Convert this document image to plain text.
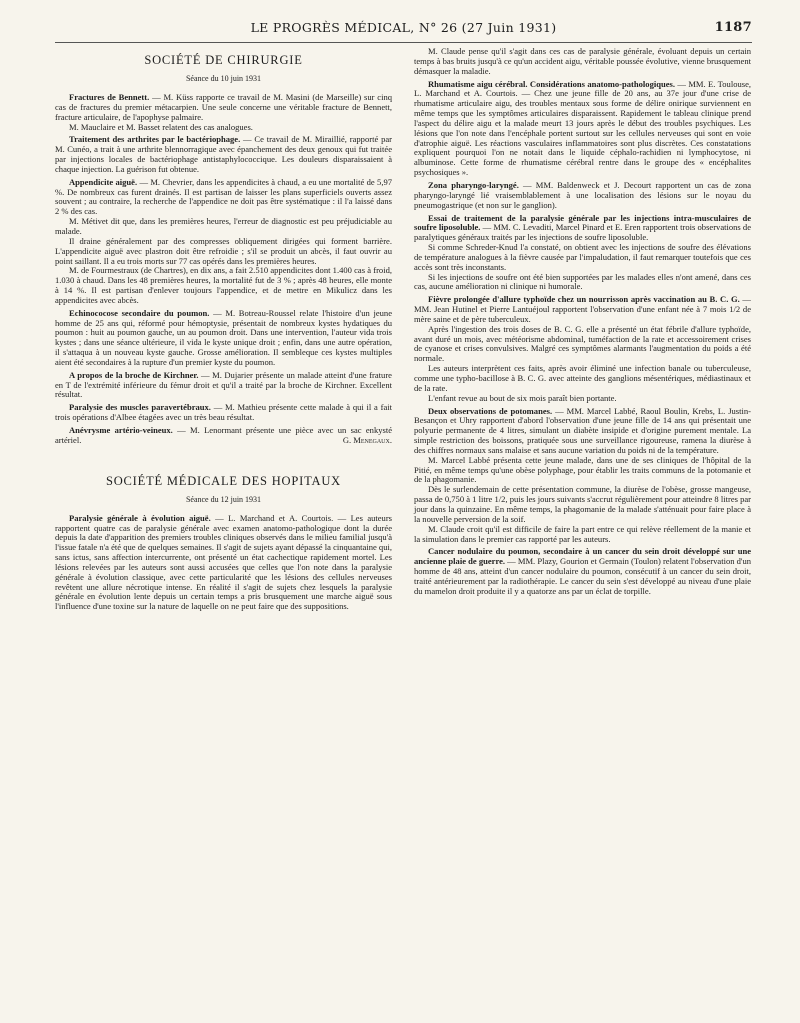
LE PROGRÈS MÉDICAL, N° 26 (27 Juin 1931)	1187
SOCIÉTÉ DE CHIRURGIE
Séance du 10 juin 1931

Fractures de Bennett. — M. Küss rapporte ce travail de M. Masini (de Marseille) sur cinq cas de fractures du premier métacarpien. Une seule concerne une véritable fracture de Bennett, fracture articulaire, de l'apophyse palmaire.

M. Mauclaire et M. Basset relatent des cas analogues.

Traitement des arthrites par le bactériophage. — Ce travail de M. Miraillié, rapporté par M. Cunéo, a trait à une arthrite blennorragique avec épanchement des deux genoux qui fut traitée par injections locales de bactériophage antistaphylococcique. Les douleurs disparaissaient à chaque injection. La guérison fut obtenue.

Appendicite aiguë. — M. Chevrier, dans les appendicites à chaud, a eu une mortalité de 5,97 %. De nombreux cas furent drainés. Il est partisan de laisser les plans superficiels ouverts assez souvent ; au contraire, la recherche de l'appendice ne doit pas être systématique : il l'a laissé dans 2 % des cas.

M. Métivet dit que, dans les premières heures, l'erreur de diagnostic est peu préjudiciable au malade.

Il draine généralement par des compresses obliquement dirigées qui forment barrière. L'appendicite aiguë avec plastron doit être refroidie ; s'il se produit un abcès, il faut ouvrir au point saillant. Il a eu trois morts sur 77 cas opérés dans les premières heures.

M. de Fourmestraux (de Chartres), en dix ans, a fait 2.510 appendicites dont 1.400 cas à froid, 1.030 à chaud. Dans les 48 premières heures, la mortalité fut de 3 % ; après 48 heures, elle monte à 14 %. Il est partisan d'enlever toujours l'appendice, et de mettre en Mikulicz dans les appendicites avec abcès.

Echinococose secondaire du poumon. — M. Botreau-Roussel relate l'histoire d'un jeune homme de 25 ans qui, réformé pour hémoptysie, présentait de nombreux kystes hydatiques du poumon : huit au poumon gauche, un au poumon droit. Dans une intervention, l'auteur vida trois kystes ; dans une séance ultérieure, il vida le kyste unique droit ; enfin, dans une autre opération, il s'attaqua à un nouveau kyste gauche. Grosse amélioration. Il sembleque ces kystes multiples aient été secondaires à la rupture d'un premier kyste du poumon.

A propos de la broche de Kirchner. — M. Dujarier présente un malade atteint d'une frature en T de l'extrémité inférieure du fémur droit et qu'il a traité par la broche de Kirchner. Excellent résultat.

Paralysie des muscles paravertébraux. — M. Mathieu présente cette malade à qui il a fait trois opérations d'Albee étagées avec un très beau résultat.

Anévrysme artério-veineux. — M. Lenormant présente une pièce avec un sac enkysté artériel.	G. Menegaux.

SOCIÉTÉ MÉDICALE DES HOPITAUX
Séance du 12 juin 1931

Paralysie générale à évolution aiguë. — L. Marchand et A. Courtois. — Les auteurs rapportent quatre cas de paralysie générale avec examen anatomo-pathologique dont la durée depuis la date d'apparition des premiers troubles cliniques observés dans le milieu familial jusqu'à l'issue fatale n'a été que de quelques semaines. Il s'agit de sujets ayant dépassé la cinquantaine qui, sans ictus, sans affection intercurrente, ont présenté un état cachectique rapidement mortel. Les lésions relevées par les auteurs sont aussi accusées que celles que l'on note dans la paralysie générale à évolution classique, avec cette particularité que les lésions des cellules nerveuses revêtent une allure nécrotique intense. En réalité il s'agit de sujets chez lesquels la paralysie générale en évolution lente depuis un certain temps a pris brusquement une marche aiguë sous l'influence d'une toxine sur la nature de laquelle on ne peut faire que des suppositions.

M. Claude pense qu'il s'agit dans ces cas de paralysie générale, évoluant depuis un certain temps à bas bruits jusqu'à ce qu'un accident aigu, véritable poussée évolutive, vienne brusquement démasquer la maladie.

Rhumatisme aigu cérébral. Considérations anatomo-pathologiques. — MM. E. Toulouse, L. Marchand et A. Courtois. — Chez une jeune fille de 20 ans, au 37e jour d'une crise de rhumatisme articulaire aigu, des troubles mentaux sous forme de délire onirique surviennent en même temps que les symptômes articulaires disparaissent. Rapidement le tableau clinique prend l'aspect du délire aigu et la malade meurt 13 jours après le début des troubles psychiques. Les lésions que l'on note dans l'encéphale portent surtout sur les cellules nerveuses qui sont en voie d'atrophie aiguë. Les réactions vasculaires inflammatoires sont plus discrètes. Ces constatations expliquent pourquoi l'on ne notait dans le liquide céphalo-rachidien ni lymphocytose, ni albuminose. Cette forme de rhumatisme cérébral rentre dans le groupe des « encéphalites psychosiques ».

Zona pharyngo-laryngé. — MM. Baldenweck et J. Decourt rapportent un cas de zona pharyngo-laryngé lié vraisemblablement à une localisation des lésions sur le noyau du pneumogastrique (et non sur le ganglion).

Essai de traitement de la paralysie générale par les injections intra-musculaires de soufre liposoluble. — MM. C. Levaditi, Marcel Pinard et E. Eren rapportent trois observations de paralytiques généraux traités par les injections de soufre liposoluble.

Si comme Schreder-Knud l'a constaté, on obtient avec les injections de soufre des élévations de température analogues à la fièvre causée par l'impaludation, il faut remarquer toutefois que ces accès sont très inconstants.

Si les injections de soufre ont été bien supportées par les malades elles n'ont amené, dans ces cas, aucune amélioration ni clinique ni humorale.

Fièvre prolongée d'allure typhoïde chez un nourrisson après vaccination au B. C. G. — MM. Jean Hutinel et Pierre Lantuéjoul rapportent l'observation d'une enfant née à 7 mois 1/2 de mère saine et de père tuberculeux.

Après l'ingestion des trois doses de B. C. G. elle a présenté un état fébrile d'allure typhoïde, avant duré un mois, avec météorisme abdominal, tuméfaction de la rate et accessoirement crises de cyanose et crises convulsives. Malgré ces symptômes alarmants l'augmentation du poids a été normale.

Les auteurs interprètent ces faits, après avoir éliminé une infection banale ou tuberculeuse, comme une typho-bacillose à B. C. G. avec atteinte des ganglions mésentériques, médiastinaux et de la rate.

L'enfant revue au bout de six mois paraît bien portante.

Deux observations de potomanes. — MM. Marcel Labbé, Raoul Boulin, Krebs, L. Justin-Besançon et Uhry rapportent d'abord l'observation d'une jeune fille de 14 ans qui présentait une polyurie permanente de 4 litres, simulant un diabète insipide et d'origine purement mentale. La simple restriction des boissons, pratiquée sous une surveillance rigoureuse, ramena la diurèse à des chiffres normaux sans malaise et sans aucune variation du poids ni de la température.

M. Marcel Labbé présenta cette jeune malade, dans une de ses cliniques de l'hôpital de la Pitié, en même temps qu'une obèse polyphage, pour établir les traits communs de la potomanie et de la phagomanie.

Dès le surlendemain de cette présentation commune, la diurèse de l'obèse, grosse mangeuse, passa de 0,750 à 1 litre 1/2, puis les jours suivants s'accrut régulièrement pour atteindre 8 litres par jour dans la quinzaine. En même temps, la phagomanie de la malade s'atténuait pour faire place à la nouvelle perversion de la soif.

M. Claude croit qu'il est difficile de faire la part entre ce qui relève réellement de la manie et la simulation dans le premier cas rapporté par les auteurs.

Cancer nodulaire du poumon, secondaire à un cancer du sein droit développé sur une ancienne plaie de guerre. — MM. Plazy, Gourion et Germain (Toulon) relatent l'observation d'un homme de 48 ans, atteint d'un cancer nodulaire du poumon, consécutif à un cancer du sein droit, traité antérieurement par la radiothérapie. Le cancer du sein s'est développé au niveau d'une plaie du mamelon droit produite il y a quatorze ans par un éclat de torpille.
